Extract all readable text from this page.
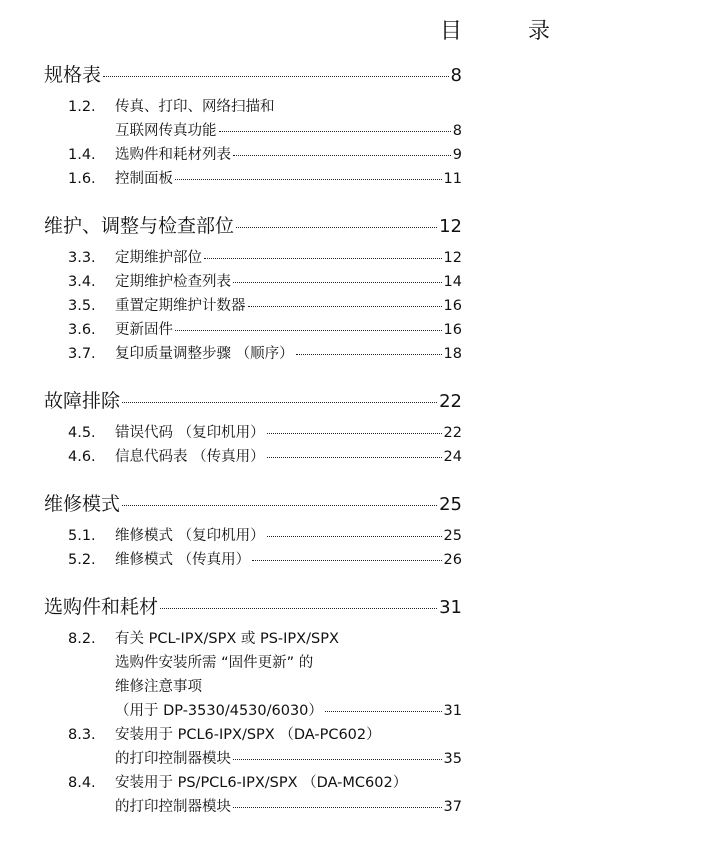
目　录
规格表	8
1.2.	传真、打印、网络扫描和
互联网传真功能	8
1.4.	选购件和耗材列表	9
1.6.	控制面板	11
维护、调整与检查部位	12
3.3.	定期维护部位	12
3.4.	定期维护检查列表	14
3.5.	重置定期维护计数器	16
3.6.	更新固件	16
3.7.	复印质量调整步骤 （顺序）	18
故障排除	22
4.5.	错误代码 （复印机用）	22
4.6.	信息代码表 （传真用）	24
维修模式	25
5.1.	维修模式 （复印机用）	25
5.2.	维修模式 （传真用）	26
选购件和耗材	31
8.2.	有关 PCL-IPX/SPX 或 PS-IPX/SPX
选购件安装所需 “固件更新” 的
维修注意事项
（用于 DP-3530/4530/6030）	31
8.3.	安装用于 PCL6-IPX/SPX （DA-PC602）
的打印控制器模块	35
8.4.	安装用于 PS/PCL6-IPX/SPX （DA-MC602）
的打印控制器模块	37
